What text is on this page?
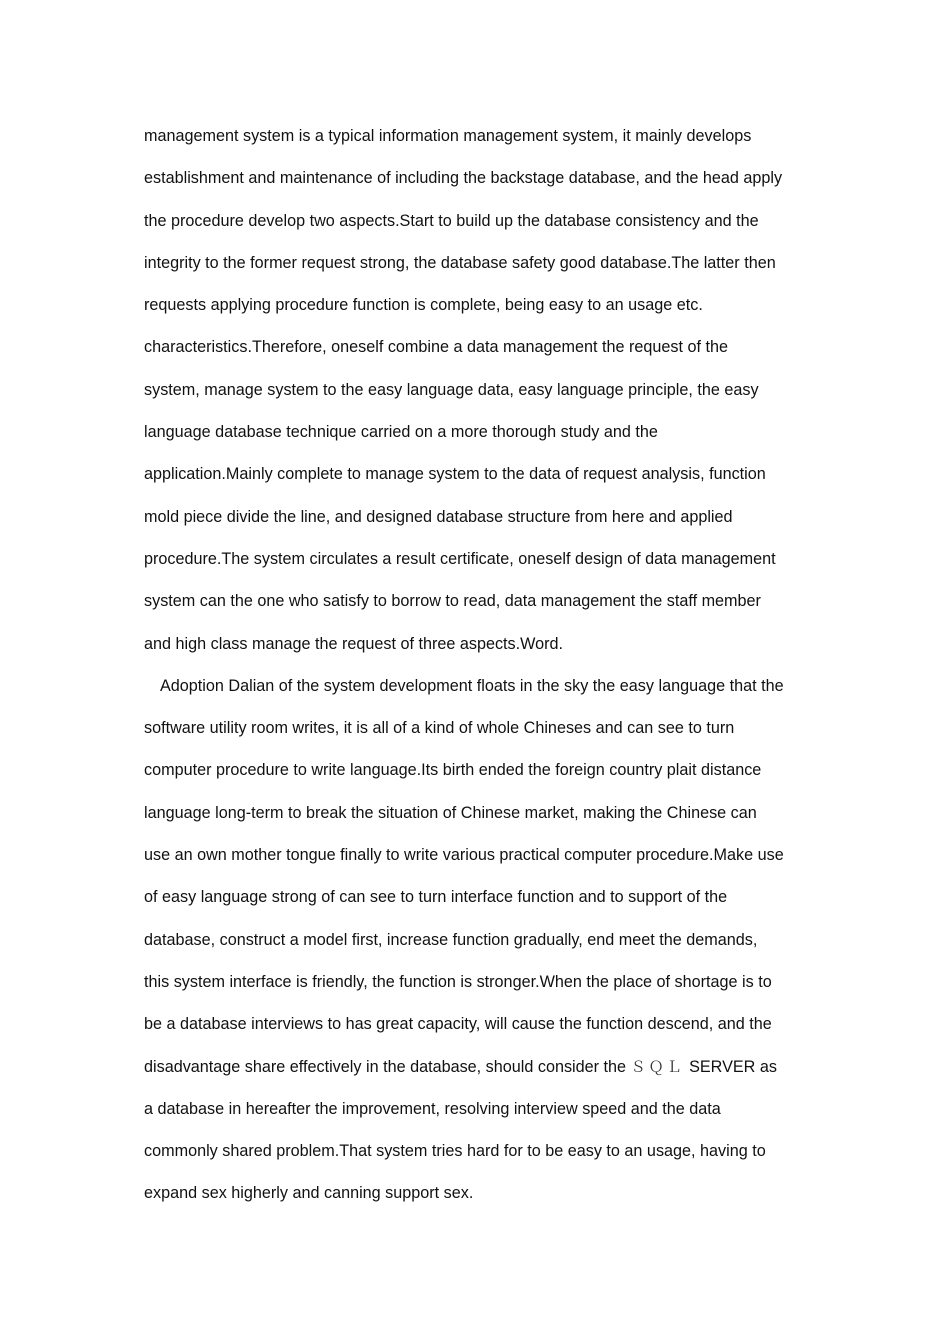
management system is a typical information management system, it mainly develops
establishment and maintenance of including the backstage database, and the head apply
the procedure develop two aspects.Start to build up the database consistency and the
integrity to the former request strong, the database safety good database.The latter then
requests applying procedure function is complete, being easy to an usage etc.
characteristics.Therefore, oneself combine a data management the request of the
system, manage system to the easy language data, easy language principle, the easy
language database technique carried on a more thorough study and the
application.Mainly complete to manage system to the data of request analysis, function
mold piece divide the line, and designed database structure from here and applied
procedure.The system circulates a result certificate, oneself design of data management
system can the one who satisfy to borrow to read, data management the staff member
and high class manage the request of three aspects.Word.
Adoption Dalian of the system development floats in the sky the easy language that the
software utility room writes, it is all of a kind of whole Chineses and can see to turn
computer procedure to write language.Its birth ended the foreign country plait distance
language long-term to break the situation of Chinese market, making the Chinese can
use an own mother tongue finally to write various practical computer procedure.Make use
of easy language strong of can see to turn interface function and to support of the
database, construct a model first, increase function gradually, end meet the demands,
this system interface is friendly, the function is stronger.When the place of shortage is to
be a database interviews to has great capacity, will cause the function descend, and the
disadvantage share effectively in the database, should consider the ＳＱＬ SERVER as
a database in hereafter the improvement, resolving interview speed and the data
commonly shared problem.That system tries hard for to be easy to an usage, having to
expand sex higherly and canning support sex.
